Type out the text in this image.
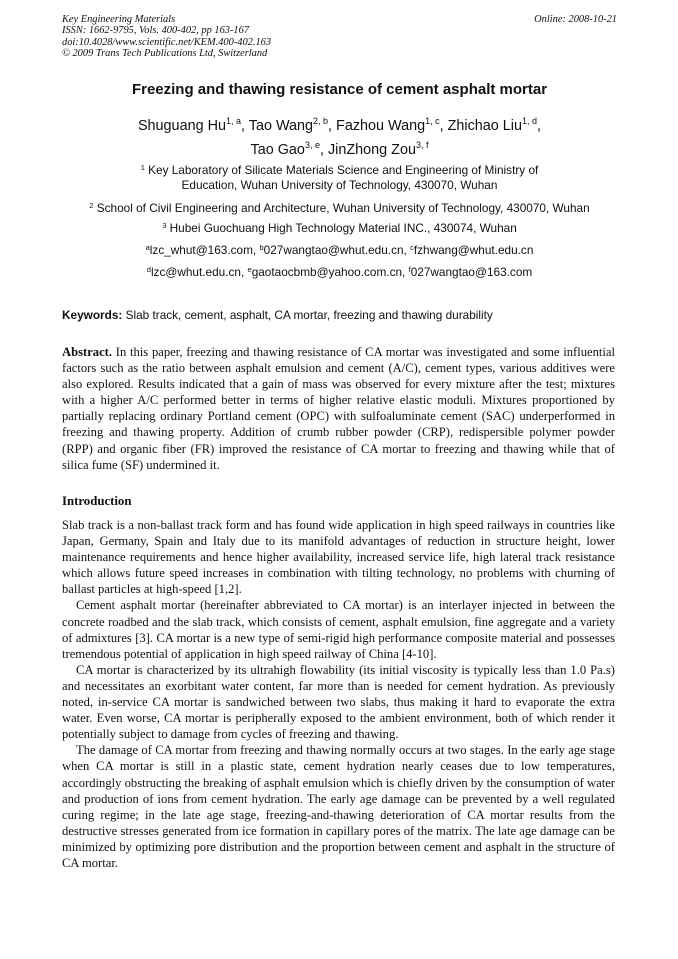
Key Engineering Materials
ISSN: 1662-9795, Vols. 400-402, pp 163-167
doi:10.4028/www.scientific.net/KEM.400-402.163
© 2009 Trans Tech Publications Ltd, Switzerland
Online: 2008-10-21
Freezing and thawing resistance of cement asphalt mortar
Shuguang Hu$^{1, a}$, Tao Wang$^{2, b}$, Fazhou Wang$^{1, c}$, Zhichao Liu$^{1, d}$,
Tao Gao$^{3, e}$, JinZhong Zou$^{3, f}$
$^1$ Key Laboratory of Silicate Materials Science and Engineering of Ministry of Education, Wuhan University of Technology, 430070, Wuhan
$^2$ School of Civil Engineering and Architecture, Wuhan University of Technology, 430070, Wuhan
$^3$ Hubei Guochuang High Technology Material INC., 430074, Wuhan
$^a$lzc_whut@163.com, $^b$027wangtao@whut.edu.cn, $^c$fzhwang@whut.edu.cn
$^d$lzc@whut.edu.cn, $^e$gaotaocbmb@yahoo.com.cn, $^f$027wangtao@163.com
Keywords: Slab track, cement, asphalt, CA mortar, freezing and thawing durability

Abstract. In this paper, freezing and thawing resistance of CA mortar was investigated and some influential factors such as the ratio between asphalt emulsion and cement (A/C), cement types, various additives were also explored. Results indicated that a gain of mass was observed for every mixture after the test; mixtures with a higher A/C performed better in terms of higher relative elastic moduli. Mixtures proportioned by partially replacing ordinary Portland cement (OPC) with sulfoaluminate cement (SAC) underperformed in freezing and thawing property. Addition of crumb rubber powder (CRP), redispersible polymer powder (RPP) and organic fiber (FR) improved the resistance of CA mortar to freezing and thawing while that of silica fume (SF) undermined it.

Introduction

Slab track is a non-ballast track form and has found wide application in high speed railways in countries like Japan, Germany, Spain and Italy due to its manifold advantages of reduction in structure height, lower maintenance requirements and hence higher availability, increased service life, high lateral track resistance which allows future speed increases in combination with tilting technology, no problems with churning of ballast particles at high-speed [1,2].

Cement asphalt mortar (hereinafter abbreviated to CA mortar) is an interlayer injected in between the concrete roadbed and the slab track, which consists of cement, asphalt emulsion, fine aggregate and a variety of admixtures [3]. CA mortar is a new type of semi-rigid high performance composite material and possesses tremendous potential of application in high speed railway of China [4-10].

CA mortar is characterized by its ultrahigh flowability (its initial viscosity is typically less than 1.0 Pa.s) and necessitates an exorbitant water content, far more than is needed for cement hydration. As previously noted, in-service CA mortar is sandwiched between two slabs, thus making it hard to evaporate the extra water. Even worse, CA mortar is peripherally exposed to the ambient environment, both of which render it potentially subject to damage from cycles of freezing and thawing.

The damage of CA mortar from freezing and thawing normally occurs at two stages. In the early age stage when CA mortar is still in a plastic state, cement hydration nearly ceases due to low temperatures, accordingly obstructing the breaking of asphalt emulsion which is chiefly driven by the consumption of water and production of ions from cement hydration. The early age damage can be prevented by a well regulated curing regime; in the late age stage, freezing-and-thawing deterioration of CA mortar results from the destructive stresses generated from ice formation in capillary pores of the matrix. The late age damage can be minimized by optimizing pore distribution and the proportion between cement and asphalt in the structure of CA mortar.
